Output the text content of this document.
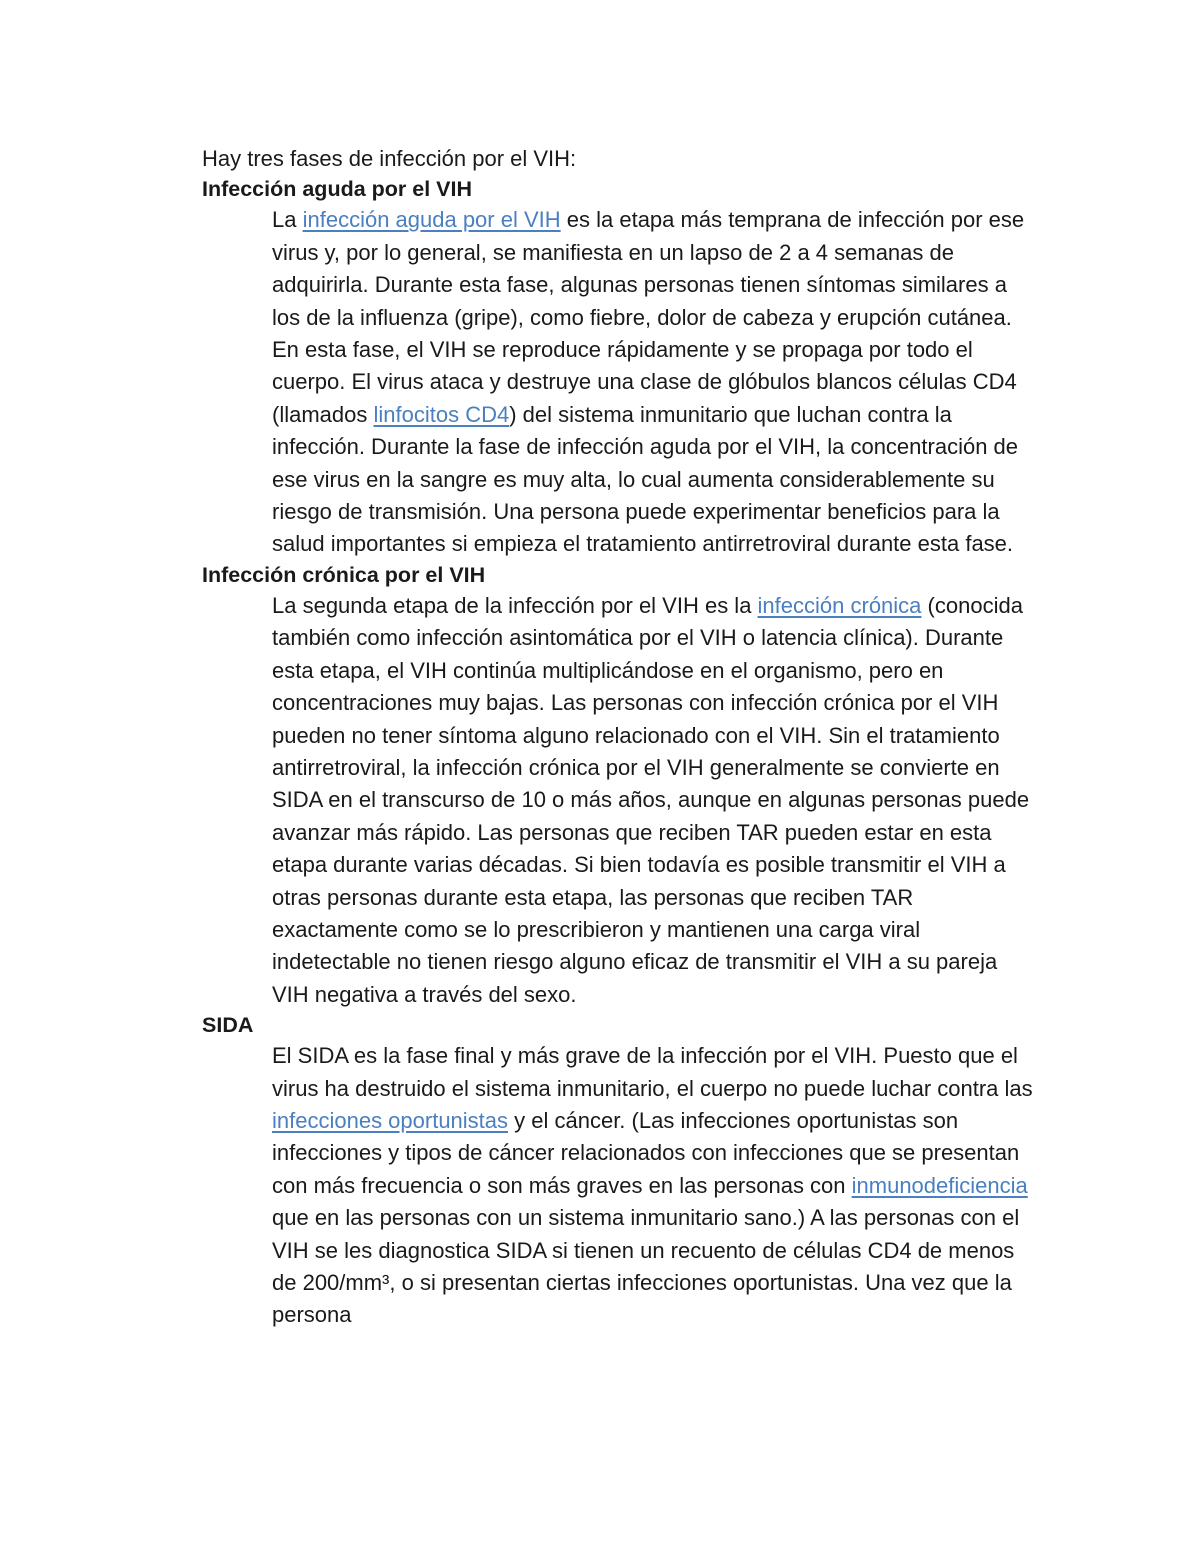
Hay tres fases de infección por el VIH:

Infección aguda por el VIH

La infección aguda por el VIH es la etapa más temprana de infección por ese virus y, por lo general, se manifiesta en un lapso de 2 a 4 semanas de adquirirla. Durante esta fase, algunas personas tienen síntomas similares a los de la influenza (gripe), como fiebre, dolor de cabeza y erupción cutánea. En esta fase, el VIH se reproduce rápidamente y se propaga por todo el cuerpo. El virus ataca y destruye una clase de glóbulos blancos células CD4 (llamados linfocitos CD4) del sistema inmunitario que luchan contra la infección. Durante la fase de infección aguda por el VIH, la concentración de ese virus en la sangre es muy alta, lo cual aumenta considerablemente su riesgo de transmisión. Una persona puede experimentar beneficios para la salud importantes si empieza el tratamiento antirretroviral durante esta fase.

Infección crónica por el VIH

La segunda etapa de la infección por el VIH es la infección crónica (conocida también como infección asintomática por el VIH o latencia clínica). Durante esta etapa, el VIH continúa multiplicándose en el organismo, pero en concentraciones muy bajas. Las personas con infección crónica por el VIH pueden no tener síntoma alguno relacionado con el VIH. Sin el tratamiento antirretroviral, la infección crónica por el VIH generalmente se convierte en SIDA en el transcurso de 10 o más años, aunque en algunas personas puede avanzar más rápido. Las personas que reciben TAR pueden estar en esta etapa durante varias décadas. Si bien todavía es posible transmitir el VIH a otras personas durante esta etapa, las personas que reciben TAR exactamente como se lo prescribieron y mantienen una carga viral indetectable no tienen riesgo alguno eficaz de transmitir el VIH a su pareja VIH negativa a través del sexo.

SIDA

El SIDA es la fase final y más grave de la infección por el VIH. Puesto que el virus ha destruido el sistema inmunitario, el cuerpo no puede luchar contra las infecciones oportunistas y el cáncer. (Las infecciones oportunistas son infecciones y tipos de cáncer relacionados con infecciones que se presentan con más frecuencia o son más graves en las personas con inmunodeficiencia que en las personas con un sistema inmunitario sano.) A las personas con el VIH se les diagnostica SIDA si tienen un recuento de células CD4 de menos de 200/mm³, o si presentan ciertas infecciones oportunistas. Una vez que la persona
